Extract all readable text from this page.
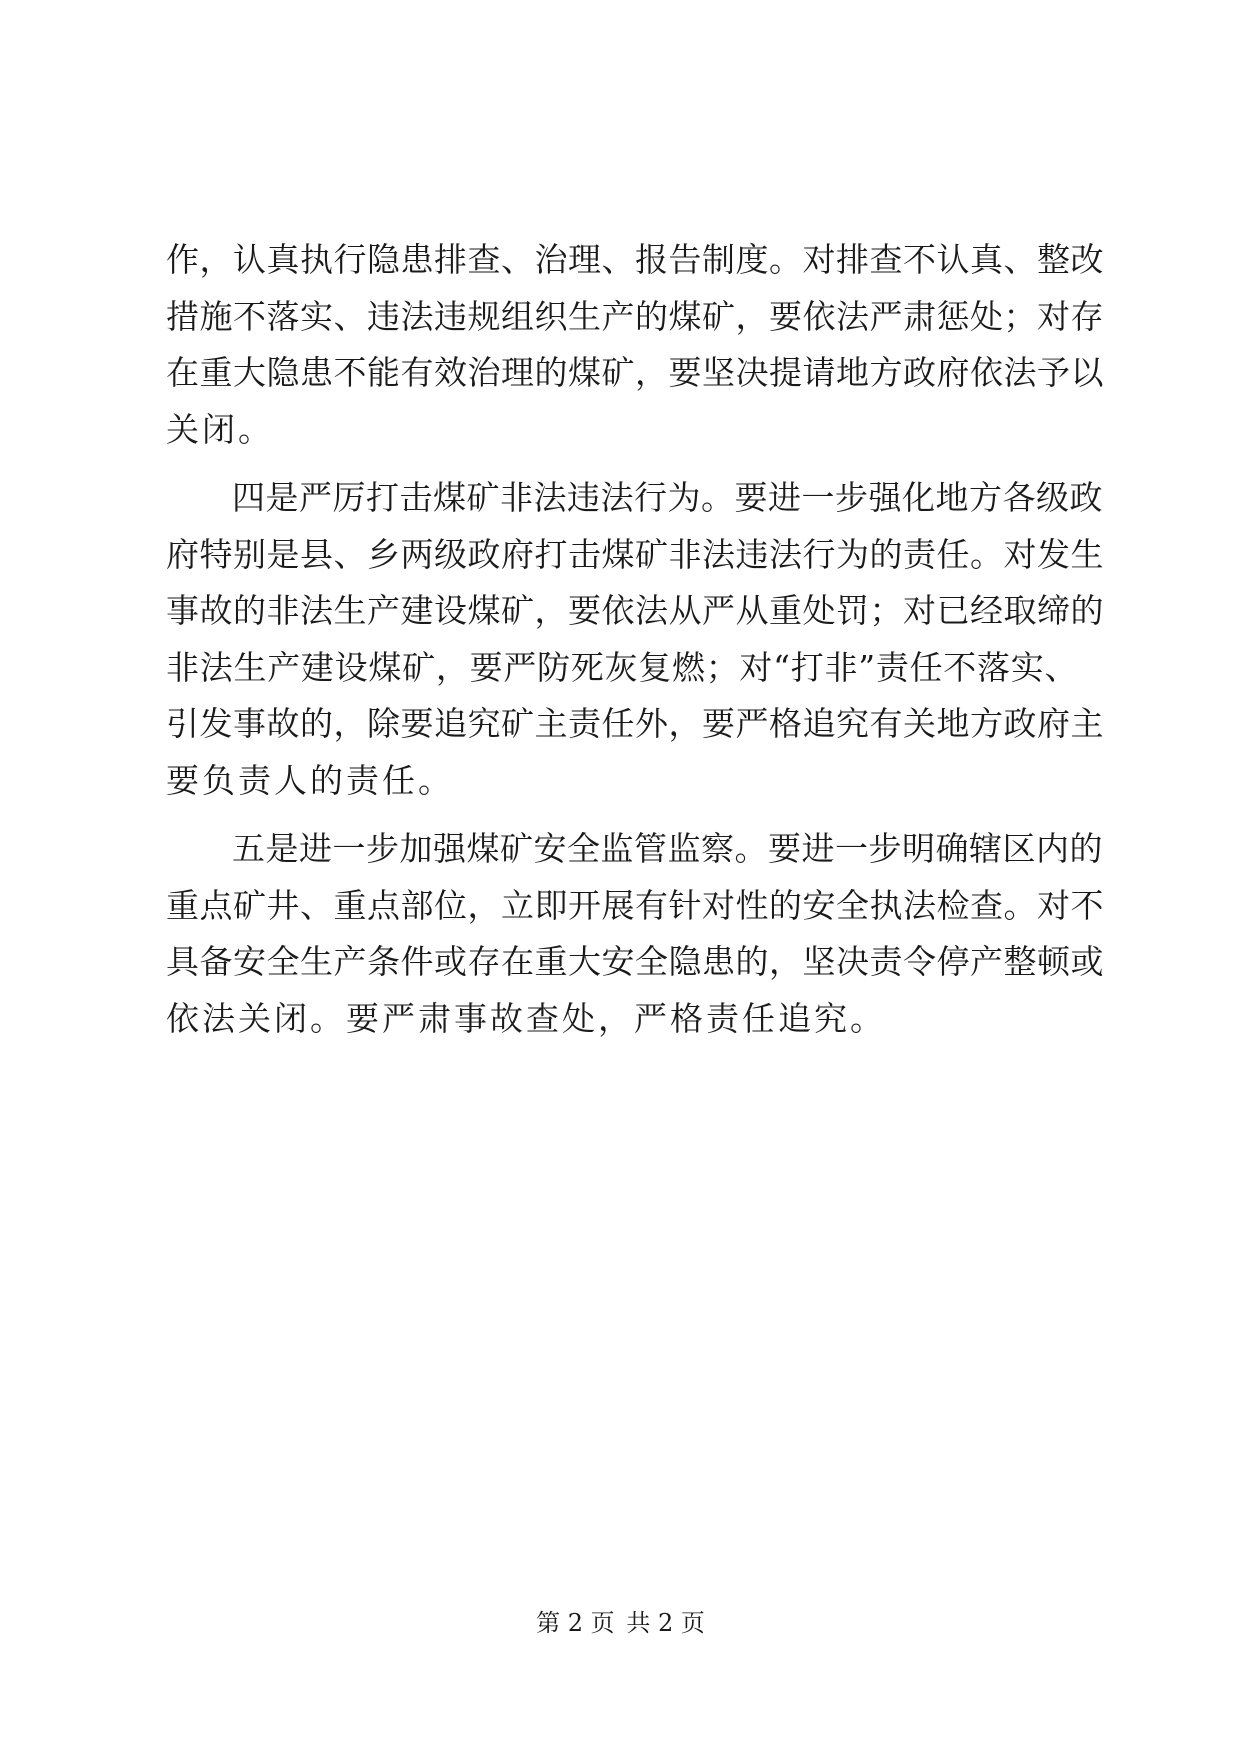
作，认真执行隐患排查、治理、报告制度。对排查不认真、整改
措施不落实、违法违规组织生产的煤矿，要依法严肃惩处；对存
在重大隐患不能有效治理的煤矿，要坚决提请地方政府依法予以
关闭。
四是严厉打击煤矿非法违法行为。要进一步强化地方各级政
府特别是县、乡两级政府打击煤矿非法违法行为的责任。对发生
事故的非法生产建设煤矿，要依法从严从重处罚；对已经取缔的
非法生产建设煤矿，要严防死灰复燃；对“打非”责任不落实、
引发事故的，除要追究矿主责任外，要严格追究有关地方政府主
要负责人的责任。
五是进一步加强煤矿安全监管监察。要进一步明确辖区内的
重点矿井、重点部位，立即开展有针对性的安全执法检查。对不
具备安全生产条件或存在重大安全隐患的，坚决责令停产整顿或
依法关闭。要严肃事故查处，严格责任追究。
第 2 页 共 2 页
